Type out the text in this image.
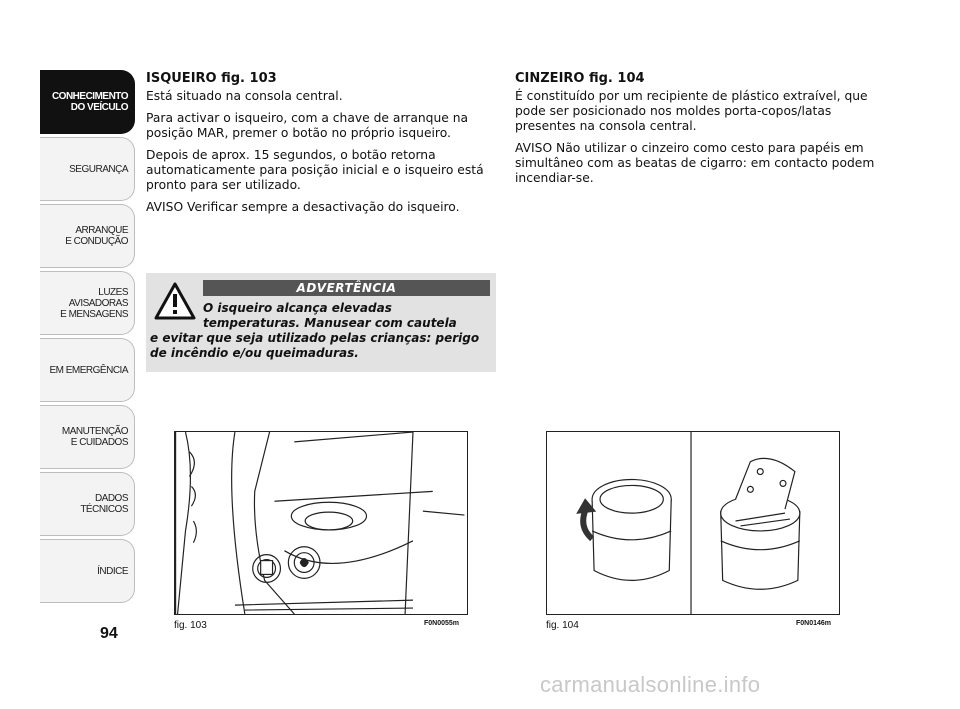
CONHECIMENTO
DO VEÍCULO
SEGURANÇA
ARRANQUE
E CONDUÇÃO
LUZES
AVISADORAS
E MENSAGENS
EM EMERGÊNCIA
MANUTENÇÃO
E CUIDADOS
DADOS
TÉCNICOS
ÍNDICE
94
ISQUEIRO fig. 103

Está situado na consola central.

Para activar o isqueiro, com a chave de arranque na posição MAR, premer o botão no próprio isqueiro.

Depois de aprox. 15 segundos, o botão retorna automaticamente para posição inicial e o isqueiro está pronto para ser utilizado.

AVISO Verificar sempre a desactivação do isqueiro.

ADVERTÊNCIA
O isqueiro alcança elevadas
temperaturas. Manusear com cautela
e evitar que seja utilizado pelas crianças: perigo
de incêndio e/ou queimaduras.
CINZEIRO fig. 104

É constituído por um recipiente de plástico extraível, que pode ser posicionado nos moldes porta-copos/latas presentes na consola central.

AVISO Não utilizar o cinzeiro como cesto para papéis em simultâneo com as beatas de cigarro: em contacto podem incendiar-se.

fig. 103	F0N0055m	fig. 104	F0N0146m
carmanualsonline.info
